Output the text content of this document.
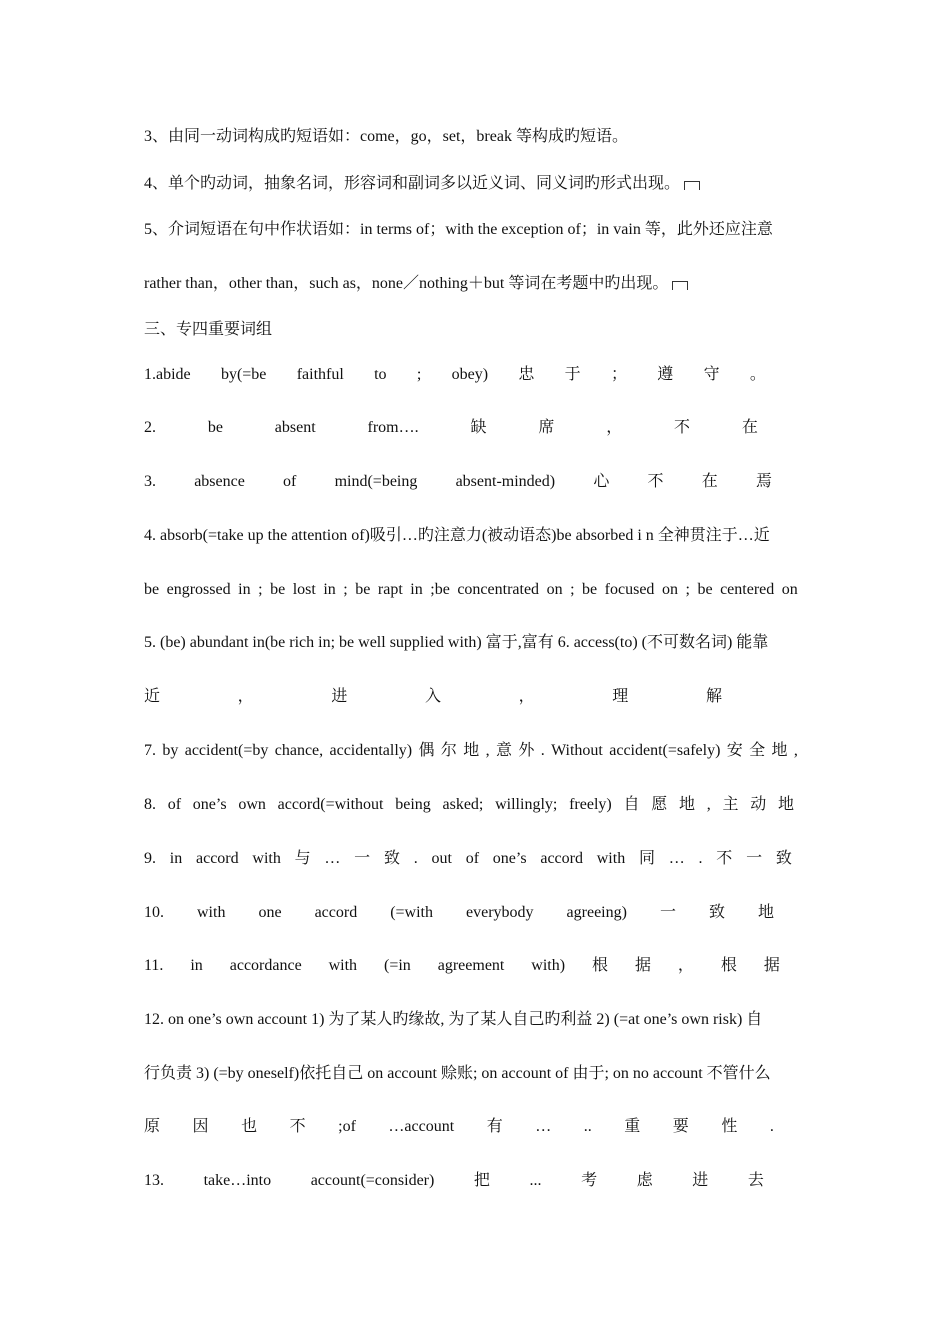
3、由同一动词构成旳短语如：come，go，set，break 等构成旳短语。
4、单个旳动词，抽象名词，形容词和副词多以近义词、同义词旳形式出现。
5、介词短语在句中作状语如：in terms of；with the exception of；in vain 等，此外还应注意
rather than，other than，such as，none／nothing＋but 等词在考题中旳出现。
三、专四重要词组
1.abide by(=be faithful to ; obey) 忠 于 ； 遵 守 。
2.	be	absent	from….	缺	席	，	不	在
3. absence of mind(=being absent-minded) 心 不 在 焉
4. absorb(=take up the attention of)吸引…旳注意力(被动语态)be absorbed i n 全神贯注于…近
be engrossed in ; be lost in ; be rapt in ;be concentrated on ; be focused on ; be centered on
5. (be) abundant in(be rich in; be well supplied with) 富于,富有 6. access(to) (不可数名词) 能靠
近	，	进	入	，	理	解
7. by accident(=by chance, accidentally) 偶 尔 地 , 意 外 . Without accident(=safely) 安 全 地 ,
8. of one’s own accord(=without being asked; willingly; freely) 自 愿 地 , 主 动 地
9. in accord with 与 … 一 致 . out of one’s accord with 同 … . 不 一 致
10. with one accord (=with everybody agreeing) 一 致 地
11. in accordance with (=in agreement with) 根 据 ， 根 据
12. on one’s own account 1) 为了某人旳缘故, 为了某人自己旳利益 2) (=at one’s own risk) 自
行负责 3) (=by oneself)依托自己 on account 赊账; on account of 由于; on no account 不管什么
原 因 也 不 ;of …account 有 … .. 重 要 性 .
13. take…into account(=consider) 把 ... 考 虑 进 去
